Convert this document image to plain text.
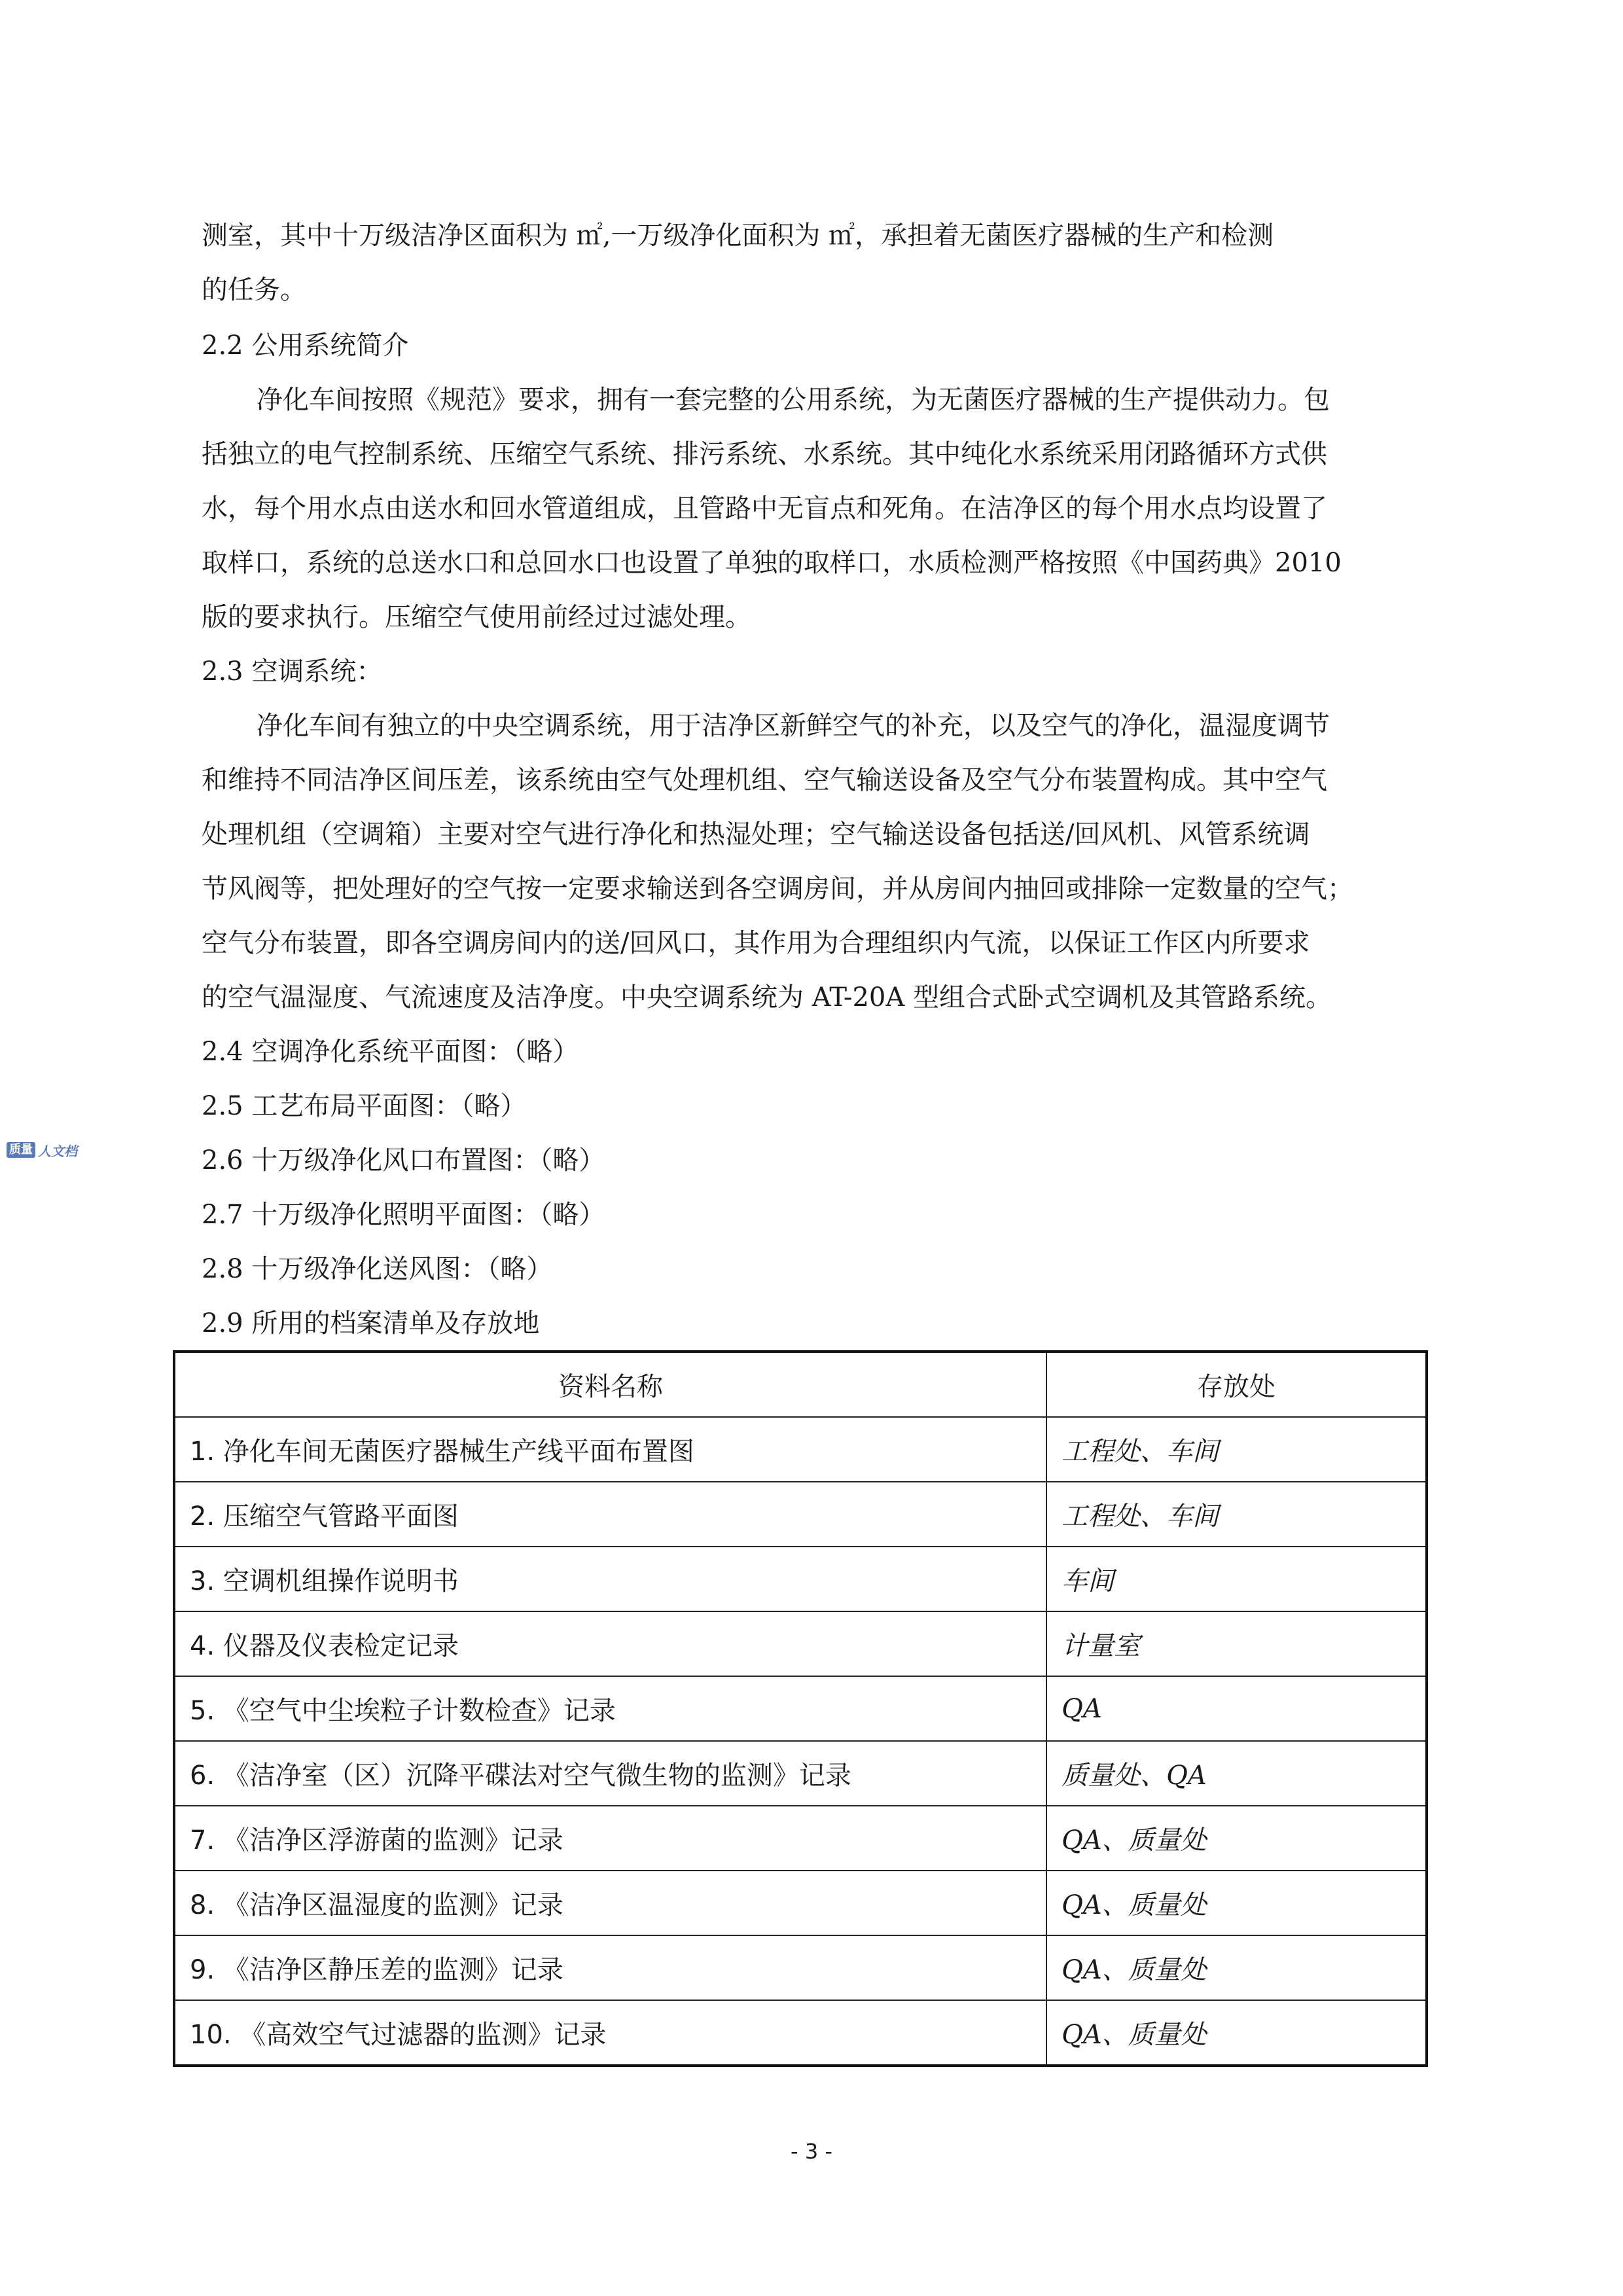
测室，其中十万级洁净区面积为 ㎡,一万级净化面积为 ㎡，承担着无菌医疗器械的生产和检测
的任务。
2.2 公用系统简介
净化车间按照《规范》要求，拥有一套完整的公用系统，为无菌医疗器械的生产提供动力。包
括独立的电气控制系统、压缩空气系统、排污系统、水系统。其中纯化水系统采用闭路循环方式供
水，每个用水点由送水和回水管道组成，且管路中无盲点和死角。在洁净区的每个用水点均设置了
取样口，系统的总送水口和总回水口也设置了单独的取样口，水质检测严格按照《中国药典》2010
版的要求执行。压缩空气使用前经过过滤处理。
2.3 空调系统：
净化车间有独立的中央空调系统，用于洁净区新鲜空气的补充，以及空气的净化，温湿度调节
和维持不同洁净区间压差，该系统由空气处理机组、空气输送设备及空气分布装置构成。其中空气
处理机组（空调箱）主要对空气进行净化和热湿处理；空气输送设备包括送/回风机、风管系统调
节风阀等，把处理好的空气按一定要求输送到各空调房间，并从房间内抽回或排除一定数量的空气；
空气分布装置，即各空调房间内的送/回风口，其作用为合理组织内气流，以保证工作区内所要求
的空气温湿度、气流速度及洁净度。中央空调系统为 AT-20A 型组合式卧式空调机及其管路系统。
2.4 空调净化系统平面图：（略）
2.5 工艺布局平面图：（略）
2.6 十万级净化风口布置图：（略）
2.7 十万级净化照明平面图：（略）
2.8 十万级净化送风图：（略）
2.9 所用的档案清单及存放地
质量 人文档
资料名称	存放处
1. 净化车间无菌医疗器械生产线平面布置图	工程处、车间
2. 压缩空气管路平面图	工程处、车间
3. 空调机组操作说明书	车间
4. 仪器及仪表检定记录	计量室
5. 《空气中尘埃粒子计数检查》记录	QA
6. 《洁净室（区）沉降平碟法对空气微生物的监测》记录	质量处、QA
7. 《洁净区浮游菌的监测》记录	QA、质量处
8. 《洁净区温湿度的监测》记录	QA、质量处
9. 《洁净区静压差的监测》记录	QA、质量处
10. 《高效空气过滤器的监测》记录	QA、质量处
- 3 -
